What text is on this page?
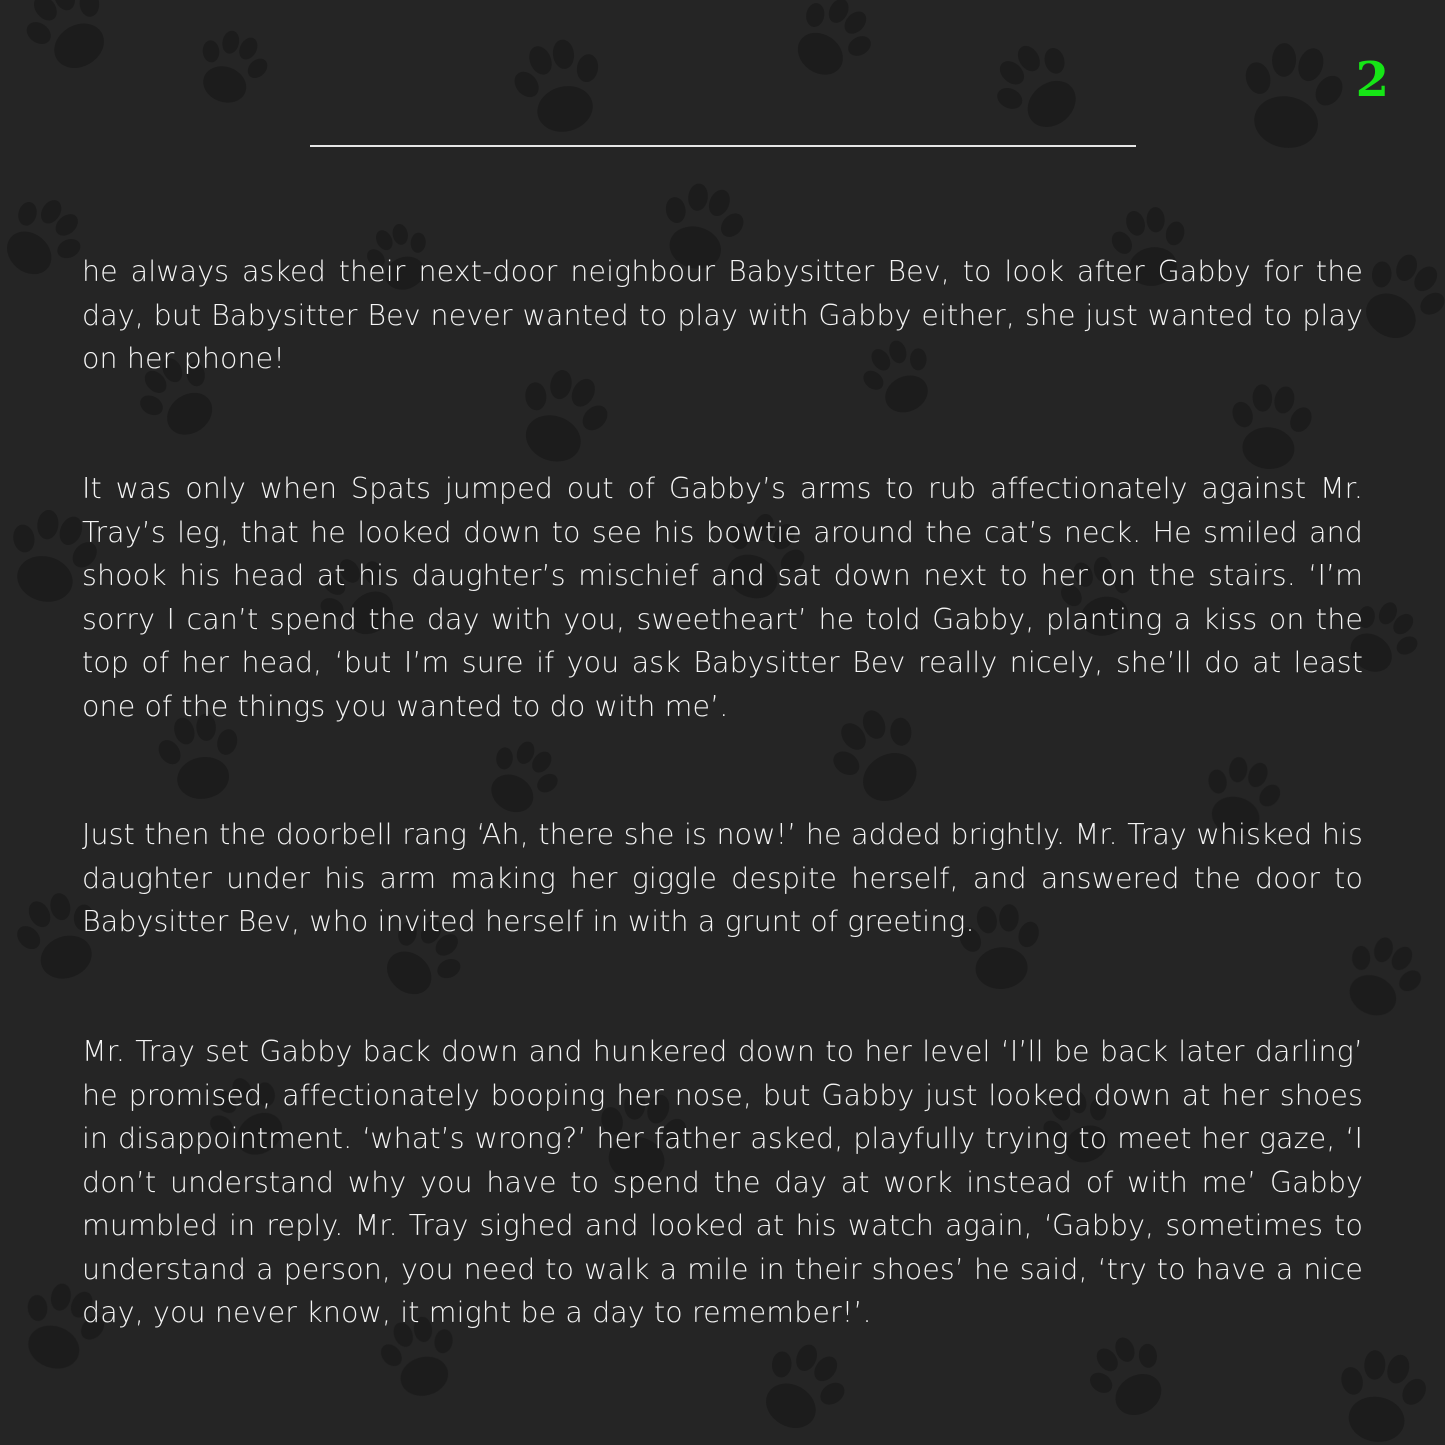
2

he always asked their next-door neighbour Babysitter Bev, to look after Gabby for the day, but Babysitter Bev never wanted to play with Gabby either, she just wanted to play on her phone!

It was only when Spats jumped out of Gabby’s arms to rub affectionately against Mr. Tray’s leg, that he looked down to see his bowtie around the cat’s neck. He smiled and shook his head at his daughter’s mischief and sat down next to her on the stairs. ‘I’m sorry I can’t spend the day with you, sweetheart’ he told Gabby, planting a kiss on the top of her head, ‘but I’m sure if you ask Babysitter Bev really nicely, she’ll do at least one of the things you wanted to do with me’.

Just then the doorbell rang ‘Ah, there she is now!’ he added brightly. Mr. Tray whisked his daughter under his arm making her giggle despite herself, and answered the door to Babysitter Bev, who invited herself in with a grunt of greeting.

Mr. Tray set Gabby back down and hunkered down to her level ‘I’ll be back later darling’ he promised, affectionately booping her nose, but Gabby just looked down at her shoes in disappointment. ‘what’s wrong?’ her father asked, playfully trying to meet her gaze, ‘I don’t understand why you have to spend the day at work instead of with me’ Gabby mumbled in reply. Mr. Tray sighed and looked at his watch again, ‘Gabby, sometimes to understand a person, you need to walk a mile in their shoes’ he said, ‘try to have a nice day, you never know, it might be a day to remember!’.
